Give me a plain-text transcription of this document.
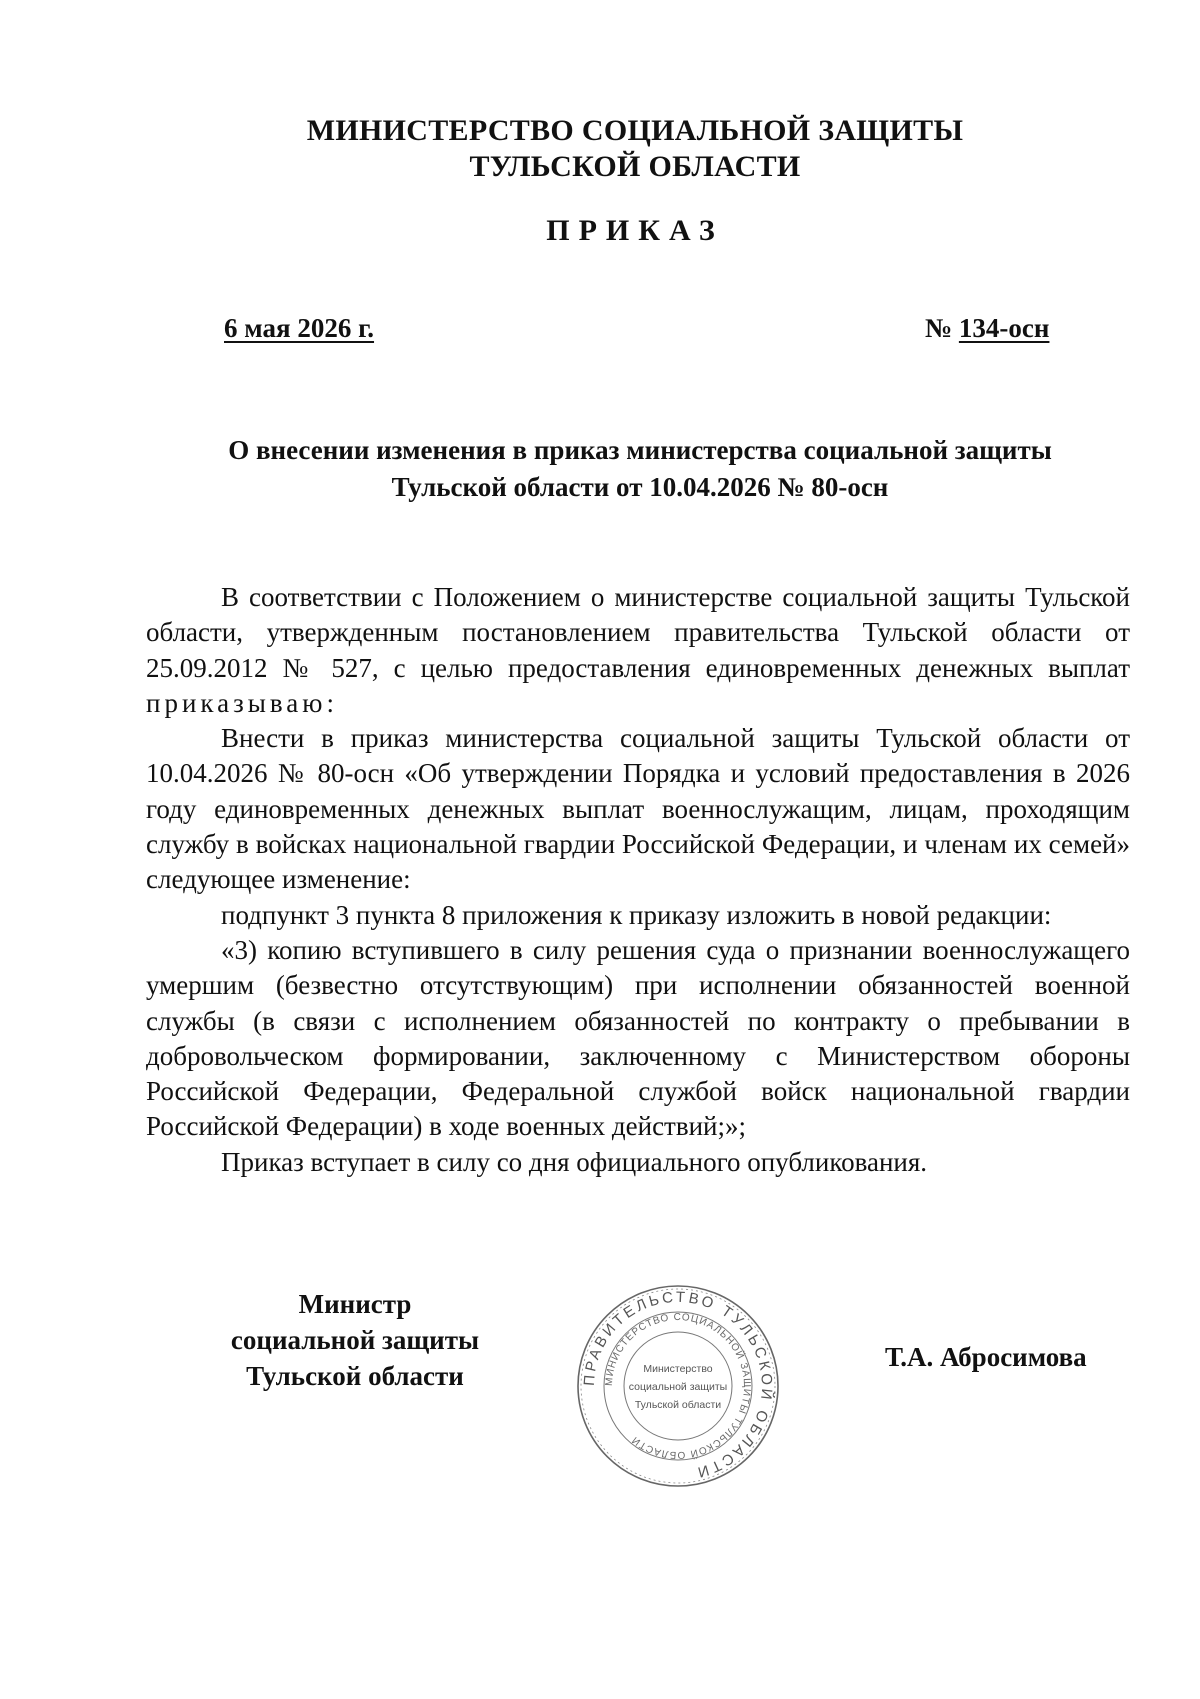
МИНИСТЕРСТВО СОЦИАЛЬНОЙ ЗАЩИТЫ
ТУЛЬСКОЙ ОБЛАСТИ
ПРИКАЗ
6 мая 2026 г.	№ 134-осн
О внесении изменения в приказ министерства социальной защиты
Тульской области от 10.04.2026 № 80-осн

В соответствии с Положением о министерстве социальной защиты Тульской области, утвержденным постановлением правительства Тульской области от 25.09.2012 № 527, с целью предоставления единовременных денежных выплат приказываю:

Внести в приказ министерства социальной защиты Тульской области от 10.04.2026 № 80-осн «Об утверждении Порядка и условий предоставления в 2026 году единовременных денежных выплат военнослужащим, лицам, проходящим службу в войсках национальной гвардии Российской Федерации, и членам их семей» следующее изменение:

подпункт 3 пункта 8 приложения к приказу изложить в новой редакции:

«3) копию вступившего в силу решения суда о признании военнослужащего умершим (безвестно отсутствующим) при исполнении обязанностей военной службы (в связи с исполнением обязанностей по контракту о пребывании в добровольческом формировании, заключенному с Министерством обороны Российской Федерации, Федеральной службой войск национальной гвардии Российской Федерации) в ходе военных действий;»;

Приказ вступает в силу со дня официального опубликования.

Министр
социальной защиты
Тульской области	ПРАВИТЕЛЬСТВО ТУЛЬСКОЙ ОБЛАСТИ
МИНИСТЕРСТВО СОЦИАЛЬНОЙ ЗАЩИТЫ ТУЛЬСКОЙ ОБЛАСТИ
Министерство
социальной защиты
Тульской области
Т.А. Абросимова
